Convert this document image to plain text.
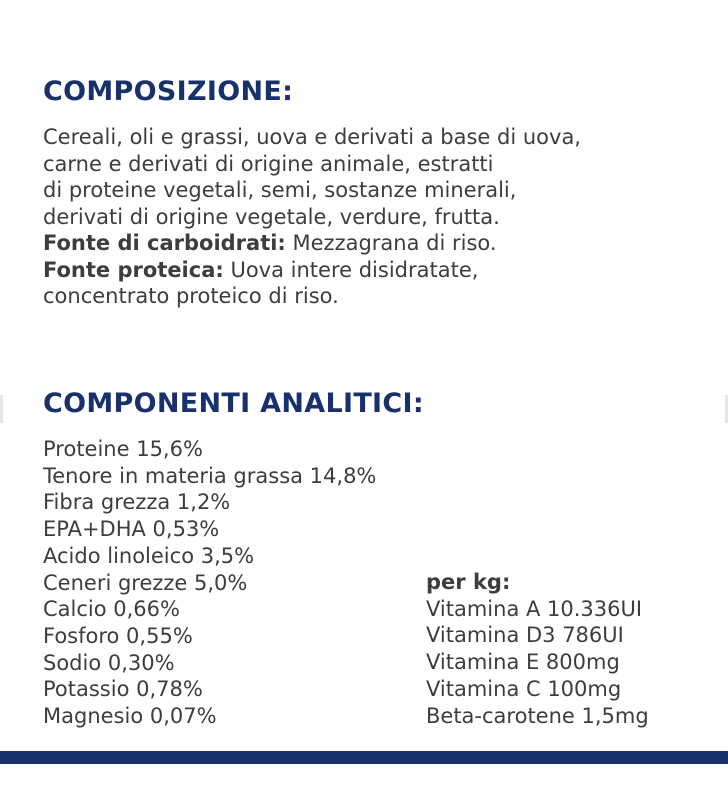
COMPOSIZIONE:
Cereali, oli e grassi, uova e derivati a base di uova,
carne e derivati di origine animale, estratti
di proteine vegetali, semi, sostanze minerali,
derivati di origine vegetale, verdure, frutta.
Fonte di carboidrati: Mezzagrana di riso.
Fonte proteica: Uova intere disidratate,
concentrato proteico di riso.
COMPONENTI ANALITICI:
Proteine 15,6%
Tenore in materia grassa 14,8%
Fibra grezza 1,2%
EPA+DHA 0,53%
Acido linoleico 3,5%
Ceneri grezze 5,0%
Calcio 0,66%
Fosforo 0,55%
Sodio 0,30%
Potassio 0,78%
Magnesio 0,07%
per kg:
Vitamina A 10.336UI
Vitamina D3 786UI
Vitamina E 800mg
Vitamina C 100mg
Beta-carotene 1,5mg
